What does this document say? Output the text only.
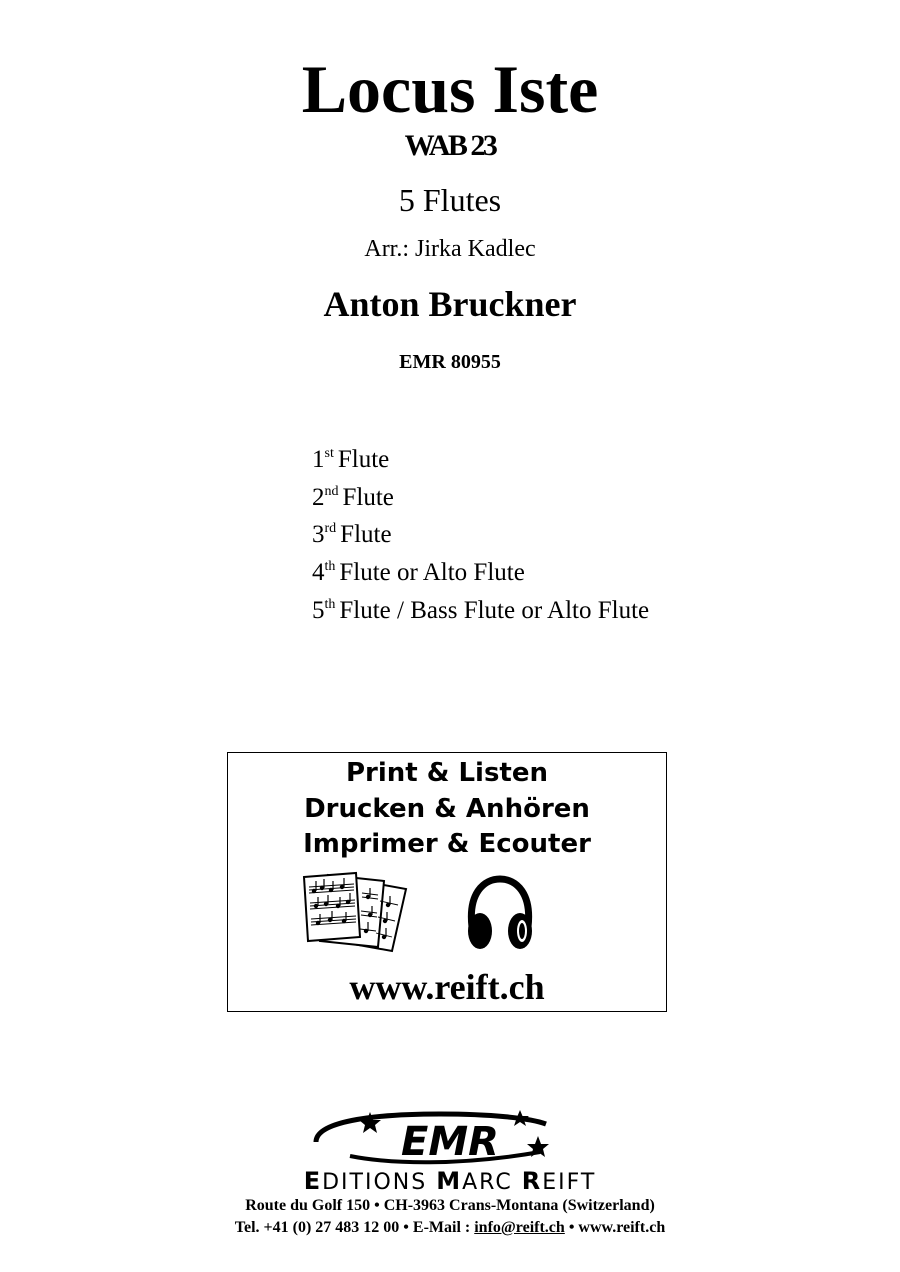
Locus Iste
WAB 23
5 Flutes
Arr.: Jirka Kadlec
Anton Bruckner
EMR 80955
1st Flute
2nd Flute
3rd Flute
4th Flute or Alto Flute
5th Flute / Bass Flute or Alto Flute
Print & Listen
Drucken & Anhören
Imprimer & Ecouter
www.reift.ch
EMR
EDITIONS MARC REIFT
Route du Golf 150 • CH-3963 Crans-Montana (Switzerland)
Tel. +41 (0) 27 483 12 00 • E-Mail : info@reift.ch • www.reift.ch
